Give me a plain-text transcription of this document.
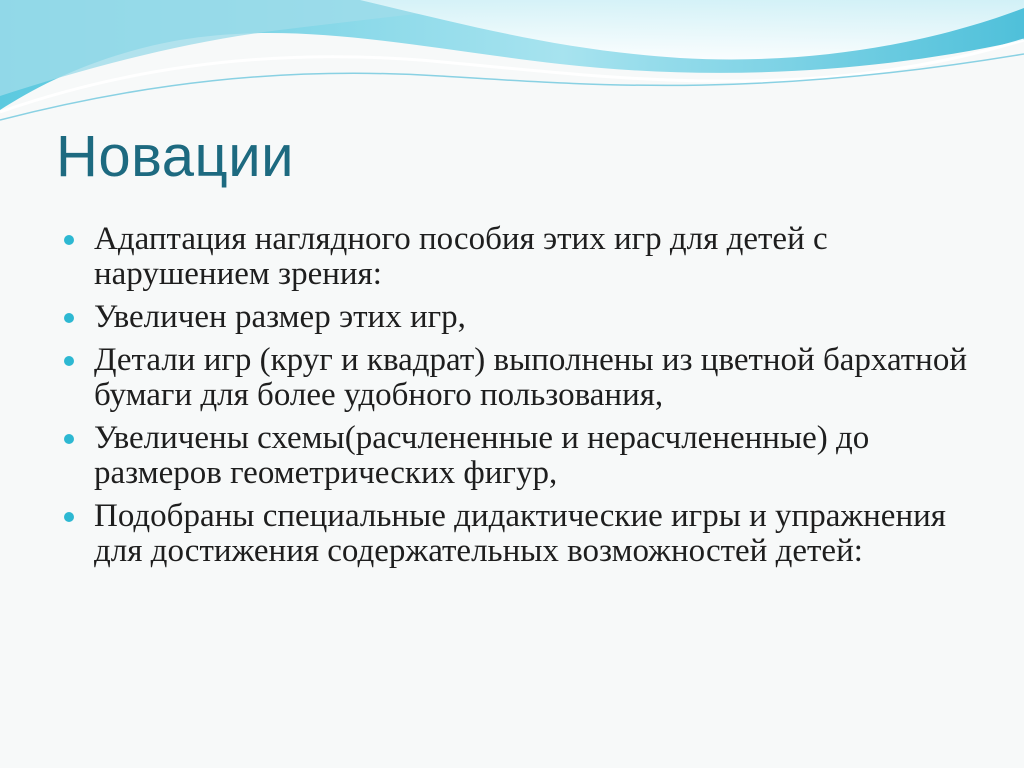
Новации
Адаптация наглядного пособия этих игр для детей с нарушением зрения:
Увеличен размер этих игр,
Детали игр (круг и квадрат) выполнены из цветной бархатной бумаги для более удобного пользования,
Увеличены схемы(расчлененные и нерасчлененные) до размеров геометрических фигур,
Подобраны специальные дидактические игры и упражнения для достижения содержательных возможностей детей:
